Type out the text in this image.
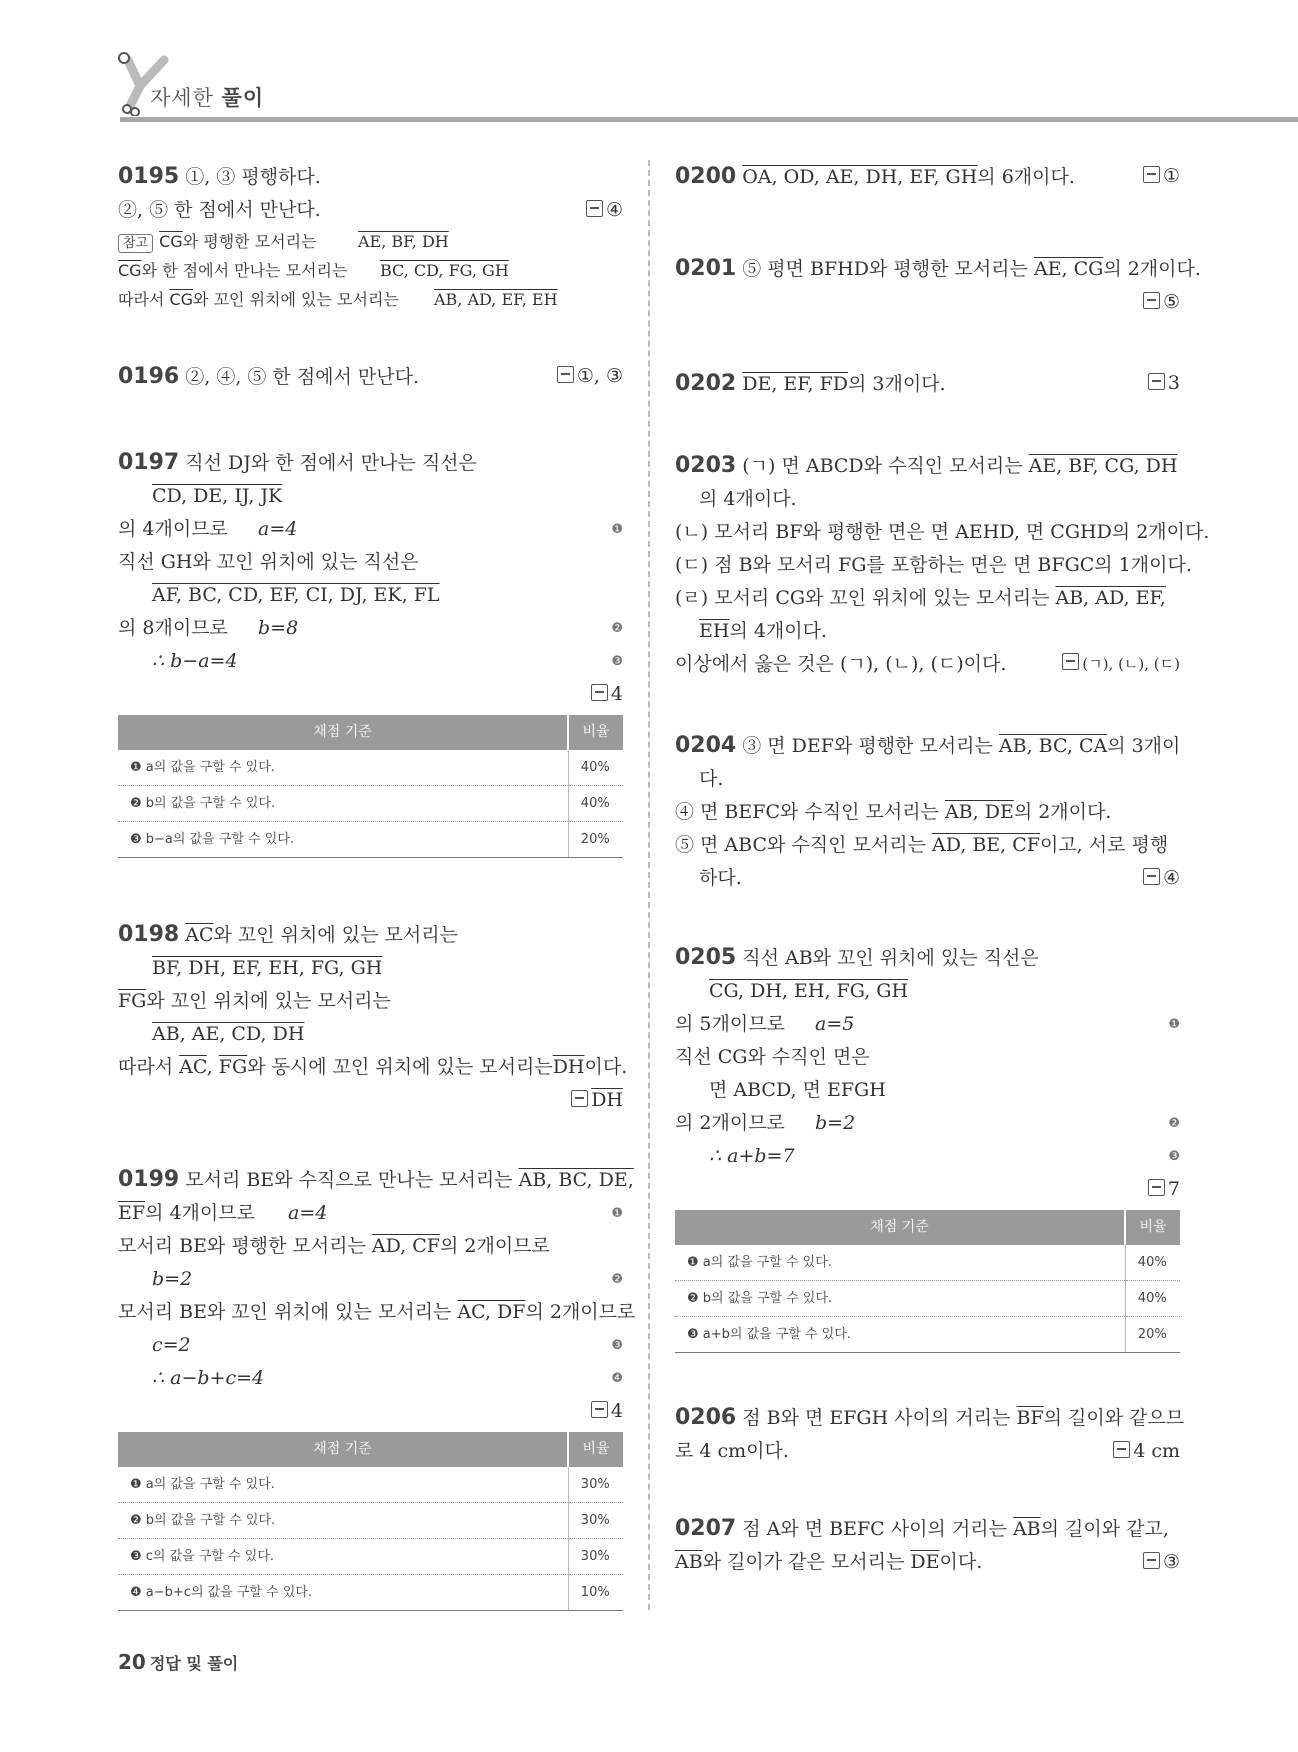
자세한 풀이
0195 ①, ③ 평행하다.
②, ⑤ 한 점에서 만난다.	④
참고 $\overline{CG}$와 평행한 모서리는	AE, BF, DH
$\overline{CG}$와 한 점에서 만나는 모서리는 BC, CD, FG, GH
따라서 $\overline{CG}$와 꼬인 위치에 있는 모서리는 AB, AD, EF, EH
0196 ②, ④, ⑤ 한 점에서 만난다.	①, ③
0197 직선 DJ와 한 점에서 만나는 직선은
CD, DE, IJ, JK
의 4개이므로 a=4	❶
직선 GH와 꼬인 위치에 있는 직선은
AF, BC, CD, EF, CI, DJ, EK, FL
의 8개이므로 b=8	❷
∴ b−a=4	❸
4

채점 기준	비율
❶ a의 값을 구할 수 있다.	40%
❷ b의 값을 구할 수 있다.	40%
❸ b−a의 값을 구할 수 있다.	20%
0198 $\overline{AC}$와 꼬인 위치에 있는 모서리는
BF, DH, EF, EH, FG, GH
$\overline{FG}$와 꼬인 위치에 있는 모서리는
AB, AE, CD, DH
따라서 $\overline{AC}$, $\overline{FG}$와 동시에 꼬인 위치에 있는 모서리는$\overline{DH}$이다.
$\overline{DH}$

0199 모서리 BE와 수직으로 만나는 모서리는 AB, BC, DE,
$\overline{EF}$의 4개이므로 a=4	❶
모서리 BE와 평행한 모서리는 AD, CF의 2개이므로
b=2	❷
모서리 BE와 꼬인 위치에 있는 모서리는 AC, DF의 2개이므로
c=2	❸
∴ a−b+c=4	❹
4

채점 기준	비율
❶ a의 값을 구할 수 있다.	30%
❷ b의 값을 구할 수 있다.	30%
❸ c의 값을 구할 수 있다.	30%
❹ a−b+c의 값을 구할 수 있다.	10%
0200 OA, OD, AE, DH, EF, GH의 6개이다.	①
0201 ⑤ 평면 BFHD와 평행한 모서리는 AE, CG의 2개이다.
⑤

0202 DE, EF, FD의 3개이다.	3
0203 (ㄱ) 면 ABCD와 수직인 모서리는 AE, BF, CG, DH
의 4개이다.
(ㄴ) 모서리 BF와 평행한 면은 면 AEHD, 면 CGHD의 2개이다.
(ㄷ) 점 B와 모서리 FG를 포함하는 면은 면 BFGC의 1개이다.
(ㄹ) 모서리 CG와 꼬인 위치에 있는 모서리는 AB, AD, EF,
$\overline{EH}$의 4개이다.
이상에서 옳은 것은 (ㄱ), (ㄴ), (ㄷ)이다.	(ㄱ), (ㄴ), (ㄷ)
0204 ③ 면 DEF와 평행한 모서리는 AB, BC, CA의 3개이
다.
④ 면 BEFC와 수직인 모서리는 AB, DE의 2개이다.
⑤ 면 ABC와 수직인 모서리는 AD, BE, CF이고, 서로 평행
하다.	④
0205 직선 AB와 꼬인 위치에 있는 직선은
CG, DH, EH, FG, GH
의 5개이므로 a=5	❶
직선 CG와 수직인 면은
면 ABCD, 면 EFGH
의 2개이므로 b=2	❷
∴ a+b=7	❸
7

채점 기준	비율
❶ a의 값을 구할 수 있다.	40%
❷ b의 값을 구할 수 있다.	40%
❸ a+b의 값을 구할 수 있다.	20%
0206 점 B와 면 EFGH 사이의 거리는 $\overline{BF}$의 길이와 같으므
로 4 cm이다.	4 cm
0207 점 A와 면 BEFC 사이의 거리는 $\overline{AB}$의 길이와 같고,
$\overline{AB}$와 길이가 같은 모서리는 $\overline{DE}$이다.	③
20 정답 및 풀이
